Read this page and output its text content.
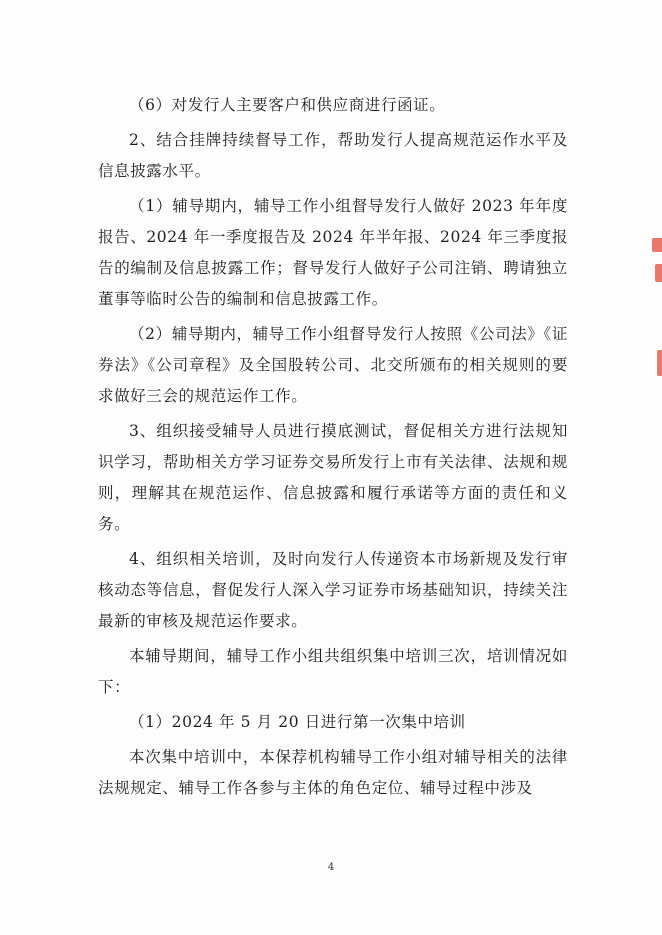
（6）对发行人主要客户和供应商进行函证。

2、结合挂牌持续督导工作，帮助发行人提高规范运作水平及信息披露水平。

（1）辅导期内，辅导工作小组督导发行人做好 2023 年年度报告、2024 年一季度报告及 2024 年半年报、2024 年三季度报告的编制及信息披露工作；督导发行人做好子公司注销、聘请独立董事等临时公告的编制和信息披露工作。

（2）辅导期内，辅导工作小组督导发行人按照《公司法》《证券法》《公司章程》及全国股转公司、北交所颁布的相关规则的要求做好三会的规范运作工作。

3、组织接受辅导人员进行摸底测试，督促相关方进行法规知识学习，帮助相关方学习证券交易所发行上市有关法律、法规和规则，理解其在规范运作、信息披露和履行承诺等方面的责任和义务。

4、组织相关培训，及时向发行人传递资本市场新规及发行审核动态等信息，督促发行人深入学习证券市场基础知识，持续关注最新的审核及规范运作要求。

本辅导期间，辅导工作小组共组织集中培训三次，培训情况如下：

（1）2024 年 5 月 20 日进行第一次集中培训

本次集中培训中，本保荐机构辅导工作小组对辅导相关的法律法规规定、辅导工作各参与主体的角色定位、辅导过程中涉及

4
